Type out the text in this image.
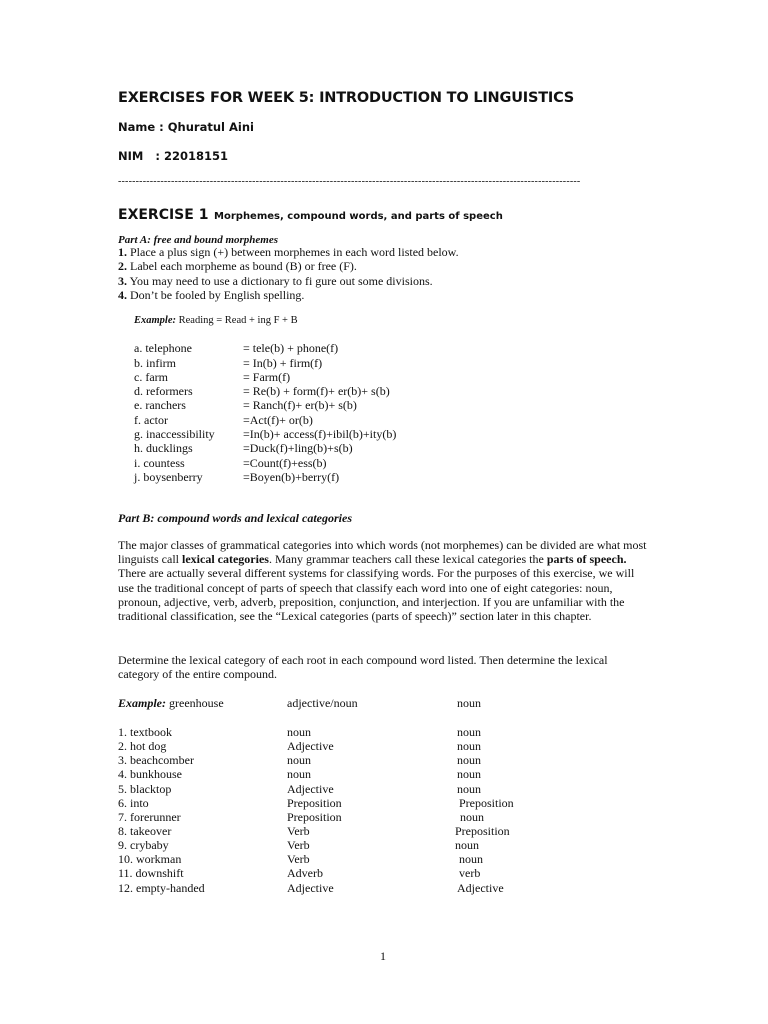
EXERCISES FOR WEEK 5: INTRODUCTION TO LINGUISTICS
Name : Qhuratul Aini
NIM   : 22018151
-----------------------------------------------------------------------------------------------------------------------------------
EXERCISE 1 Morphemes, compound words, and parts of speech
Part A: free and bound morphemes
1. Place a plus sign (+) between morphemes in each word listed below.
2. Label each morpheme as bound (B) or free (F).
3. You may need to use a dictionary to fi gure out some divisions.
4. Don’t be fooled by English spelling.
Example: Reading = Read + ing F + B
a. telephone	= tele(b) + phone(f)
b. infirm	= In(b) + firm(f)
c. farm	= Farm(f)
d. reformers	= Re(b) + form(f)+ er(b)+ s(b)
e. ranchers	= Ranch(f)+ er(b)+ s(b)
f. actor	=Act(f)+ or(b)
g. inaccessibility =In(b)+ access(f)+ibil(b)+ity(b)
h. ducklings	=Duck(f)+ling(b)+s(b)
i. countess	=Count(f)+ess(b)
j. boysenberry	=Boyen(b)+berry(f)
Part B: compound words and lexical categories
The major classes of grammatical categories into which words (not morphemes) can be divided are what most linguists call lexical categories. Many grammar teachers call these lexical categories the parts of speech. There are actually several different systems for classifying words. For the purposes of this exercise, we will use the traditional concept of parts of speech that classify each word into one of eight categories: noun, pronoun, adjective, verb, adverb, preposition, conjunction, and interjection. If you are unfamiliar with the traditional classification, see the “Lexical categories (parts of speech)” section later in this chapter.
Determine the lexical category of each root in each compound word listed. Then determine the lexical category of the entire compound.
Example: greenhouse	adjective/noun	noun
1. textbook	noun	noun
2. hot dog	Adjective	noun
3. beachcomber	noun	noun
4. bunkhouse	noun	noun
5. blacktop	Adjective	noun
6. into	Preposition	Preposition
7. forerunner	Preposition	noun
8. takeover	Verb	Preposition
9. crybaby	Verb	noun
10. workman	Verb	noun
11. downshift	Adverb	verb
12. empty-handed	Adjective	Adjective
1
